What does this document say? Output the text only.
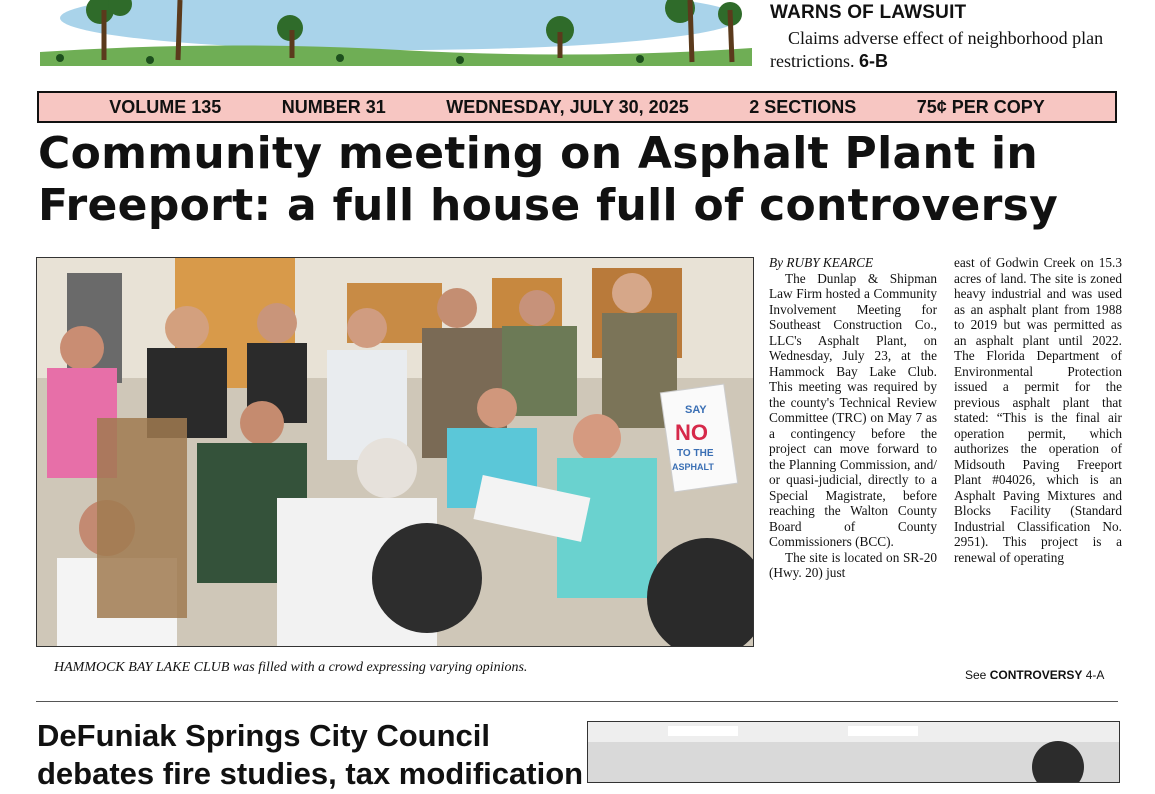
WARNS OF LAWSUIT
Claims adverse effect of neighborhood plan restrictions. 6-B
VOLUME 135	NUMBER 31	WEDNESDAY, JULY 30, 2025	2 SECTIONS	75¢ PER COPY
Community meeting on Asphalt Plant in
Freeport: a full house full of controversy
SAY
NO
TO THE
ASPHALT
HAMMOCK BAY LAKE CLUB was filled with a crowd expressing varying opinions.

By RUBY KEARCE

The Dunlap & Shipman Law Firm hosted a Community Involvement Meeting for Southeast Construction Co., LLC's Asphalt Plant, on Wednesday, July 23, at the Hammock Bay Lake Club. This meeting was required by the county's Technical Review Committee (TRC) on May 7 as a contingency before the project can move forward to the Planning Commission, and/ or quasi-judicial, directly to a Special Magistrate, before reaching the Walton County Board of County Commissioners (BCC).

The site is located on SR-20 (Hwy. 20) just

east of Godwin Creek on 15.3 acres of land. The site is zoned heavy industrial and was used as an asphalt plant from 1988 to 2019 but was permitted as an asphalt plant until 2022. The Florida Department of Environmental Protection issued a permit for the previous asphalt plant that stated: “This is the final air operation permit, which authorizes the operation of Midsouth Paving Freeport Plant #04026, which is an Asphalt Paving Mixtures and Blocks Facility (Standard Industrial Classification No. 2951). This project is a renewal of operating

See CONTROVERSY 4-A
DeFuniak Springs City Council
debates fire studies, tax modification
